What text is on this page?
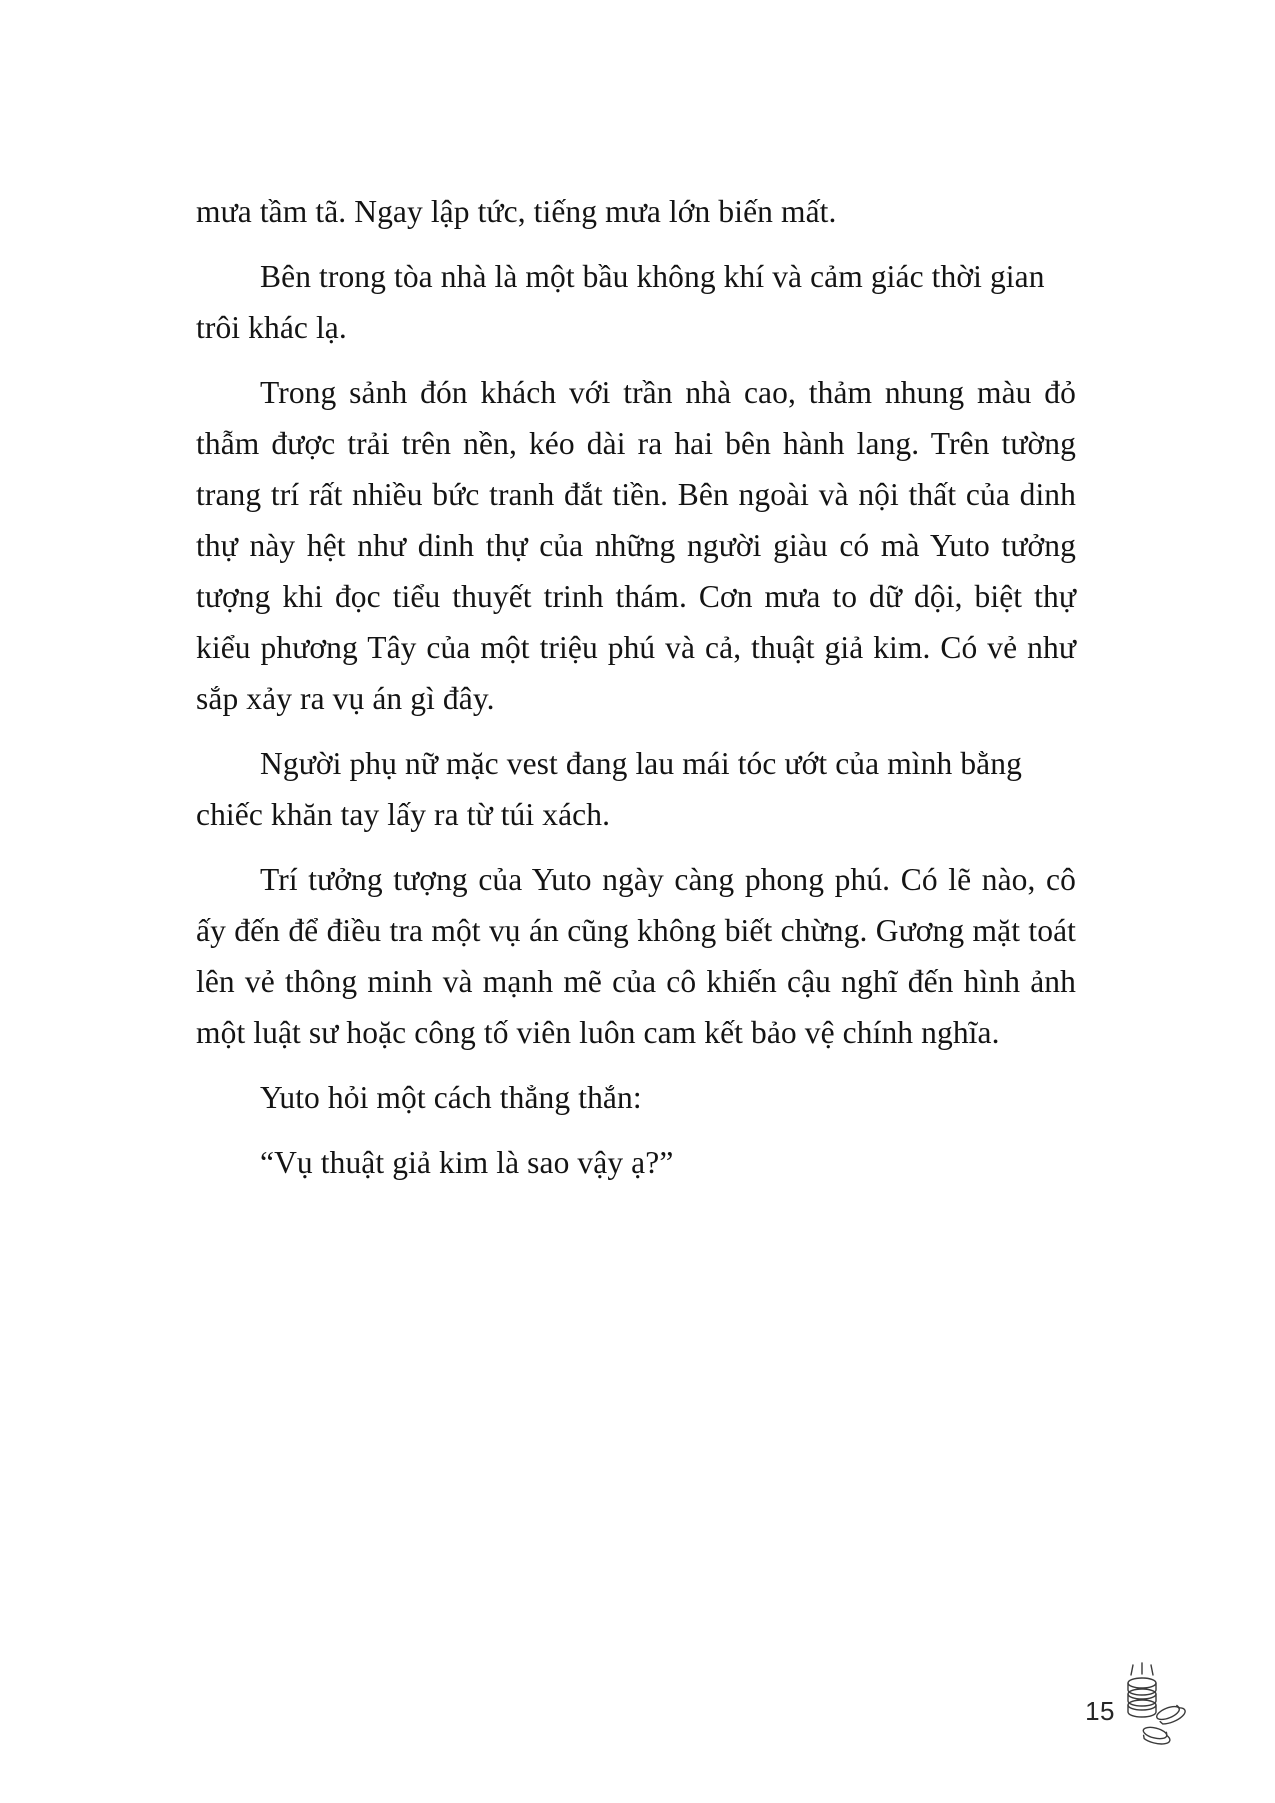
mưa tầm tã. Ngay lập tức, tiếng mưa lớn biến mất.

Bên trong tòa nhà là một bầu không khí và cảm giác thời gian trôi khác lạ.

Trong sảnh đón khách với trần nhà cao, thảm nhung màu đỏ thẫm được trải trên nền, kéo dài ra hai bên hành lang. Trên tường trang trí rất nhiều bức tranh đắt tiền. Bên ngoài và nội thất của dinh thự này hệt như dinh thự của những người giàu có mà Yuto tưởng tượng khi đọc tiểu thuyết trinh thám. Cơn mưa to dữ dội, biệt thự kiểu phương Tây của một triệu phú và cả, thuật giả kim. Có vẻ như sắp xảy ra vụ án gì đây.

Người phụ nữ mặc vest đang lau mái tóc ướt của mình bằng chiếc khăn tay lấy ra từ túi xách.

Trí tưởng tượng của Yuto ngày càng phong phú. Có lẽ nào, cô ấy đến để điều tra một vụ án cũng không biết chừng. Gương mặt toát lên vẻ thông minh và mạnh mẽ của cô khiến cậu nghĩ đến hình ảnh một luật sư hoặc công tố viên luôn cam kết bảo vệ chính nghĩa.

Yuto hỏi một cách thẳng thắn:

“Vụ thuật giả kim là sao vậy ạ?”

15
